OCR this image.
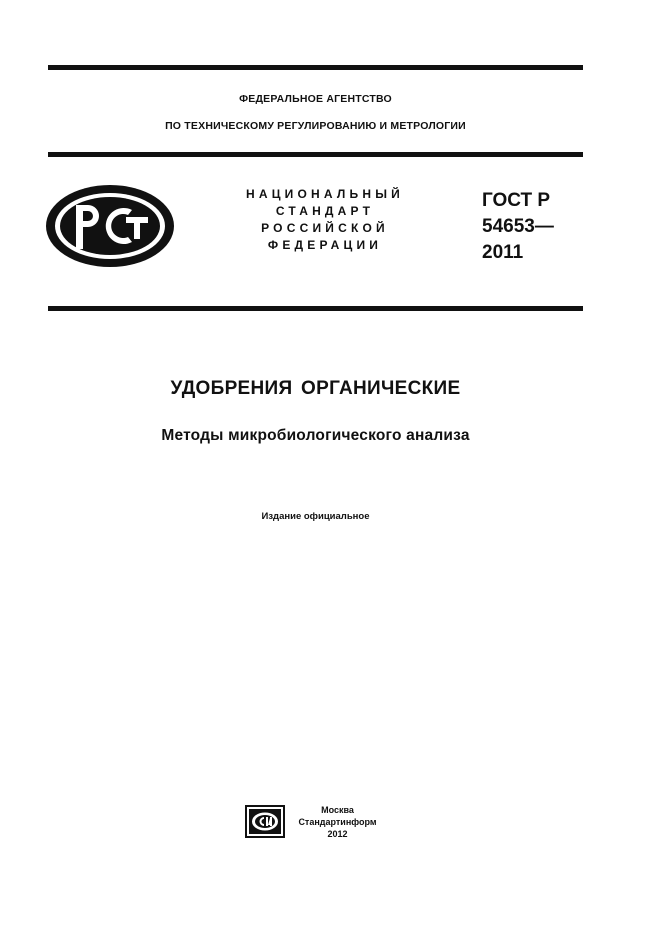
ФЕДЕРАЛЬНОЕ АГЕНТСТВО
ПО ТЕХНИЧЕСКОМУ РЕГУЛИРОВАНИЮ И МЕТРОЛОГИИ
НАЦИОНАЛЬНЫЙ
СТАНДАРТ
РОССИЙСКОЙ
ФЕДЕРАЦИИ
ГОСТ Р
54653—
2011
УДОБРЕНИЯ ОРГАНИЧЕСКИЕ
Методы микробиологического анализа
Издание официальное
Москва
Стандартинформ
2012
